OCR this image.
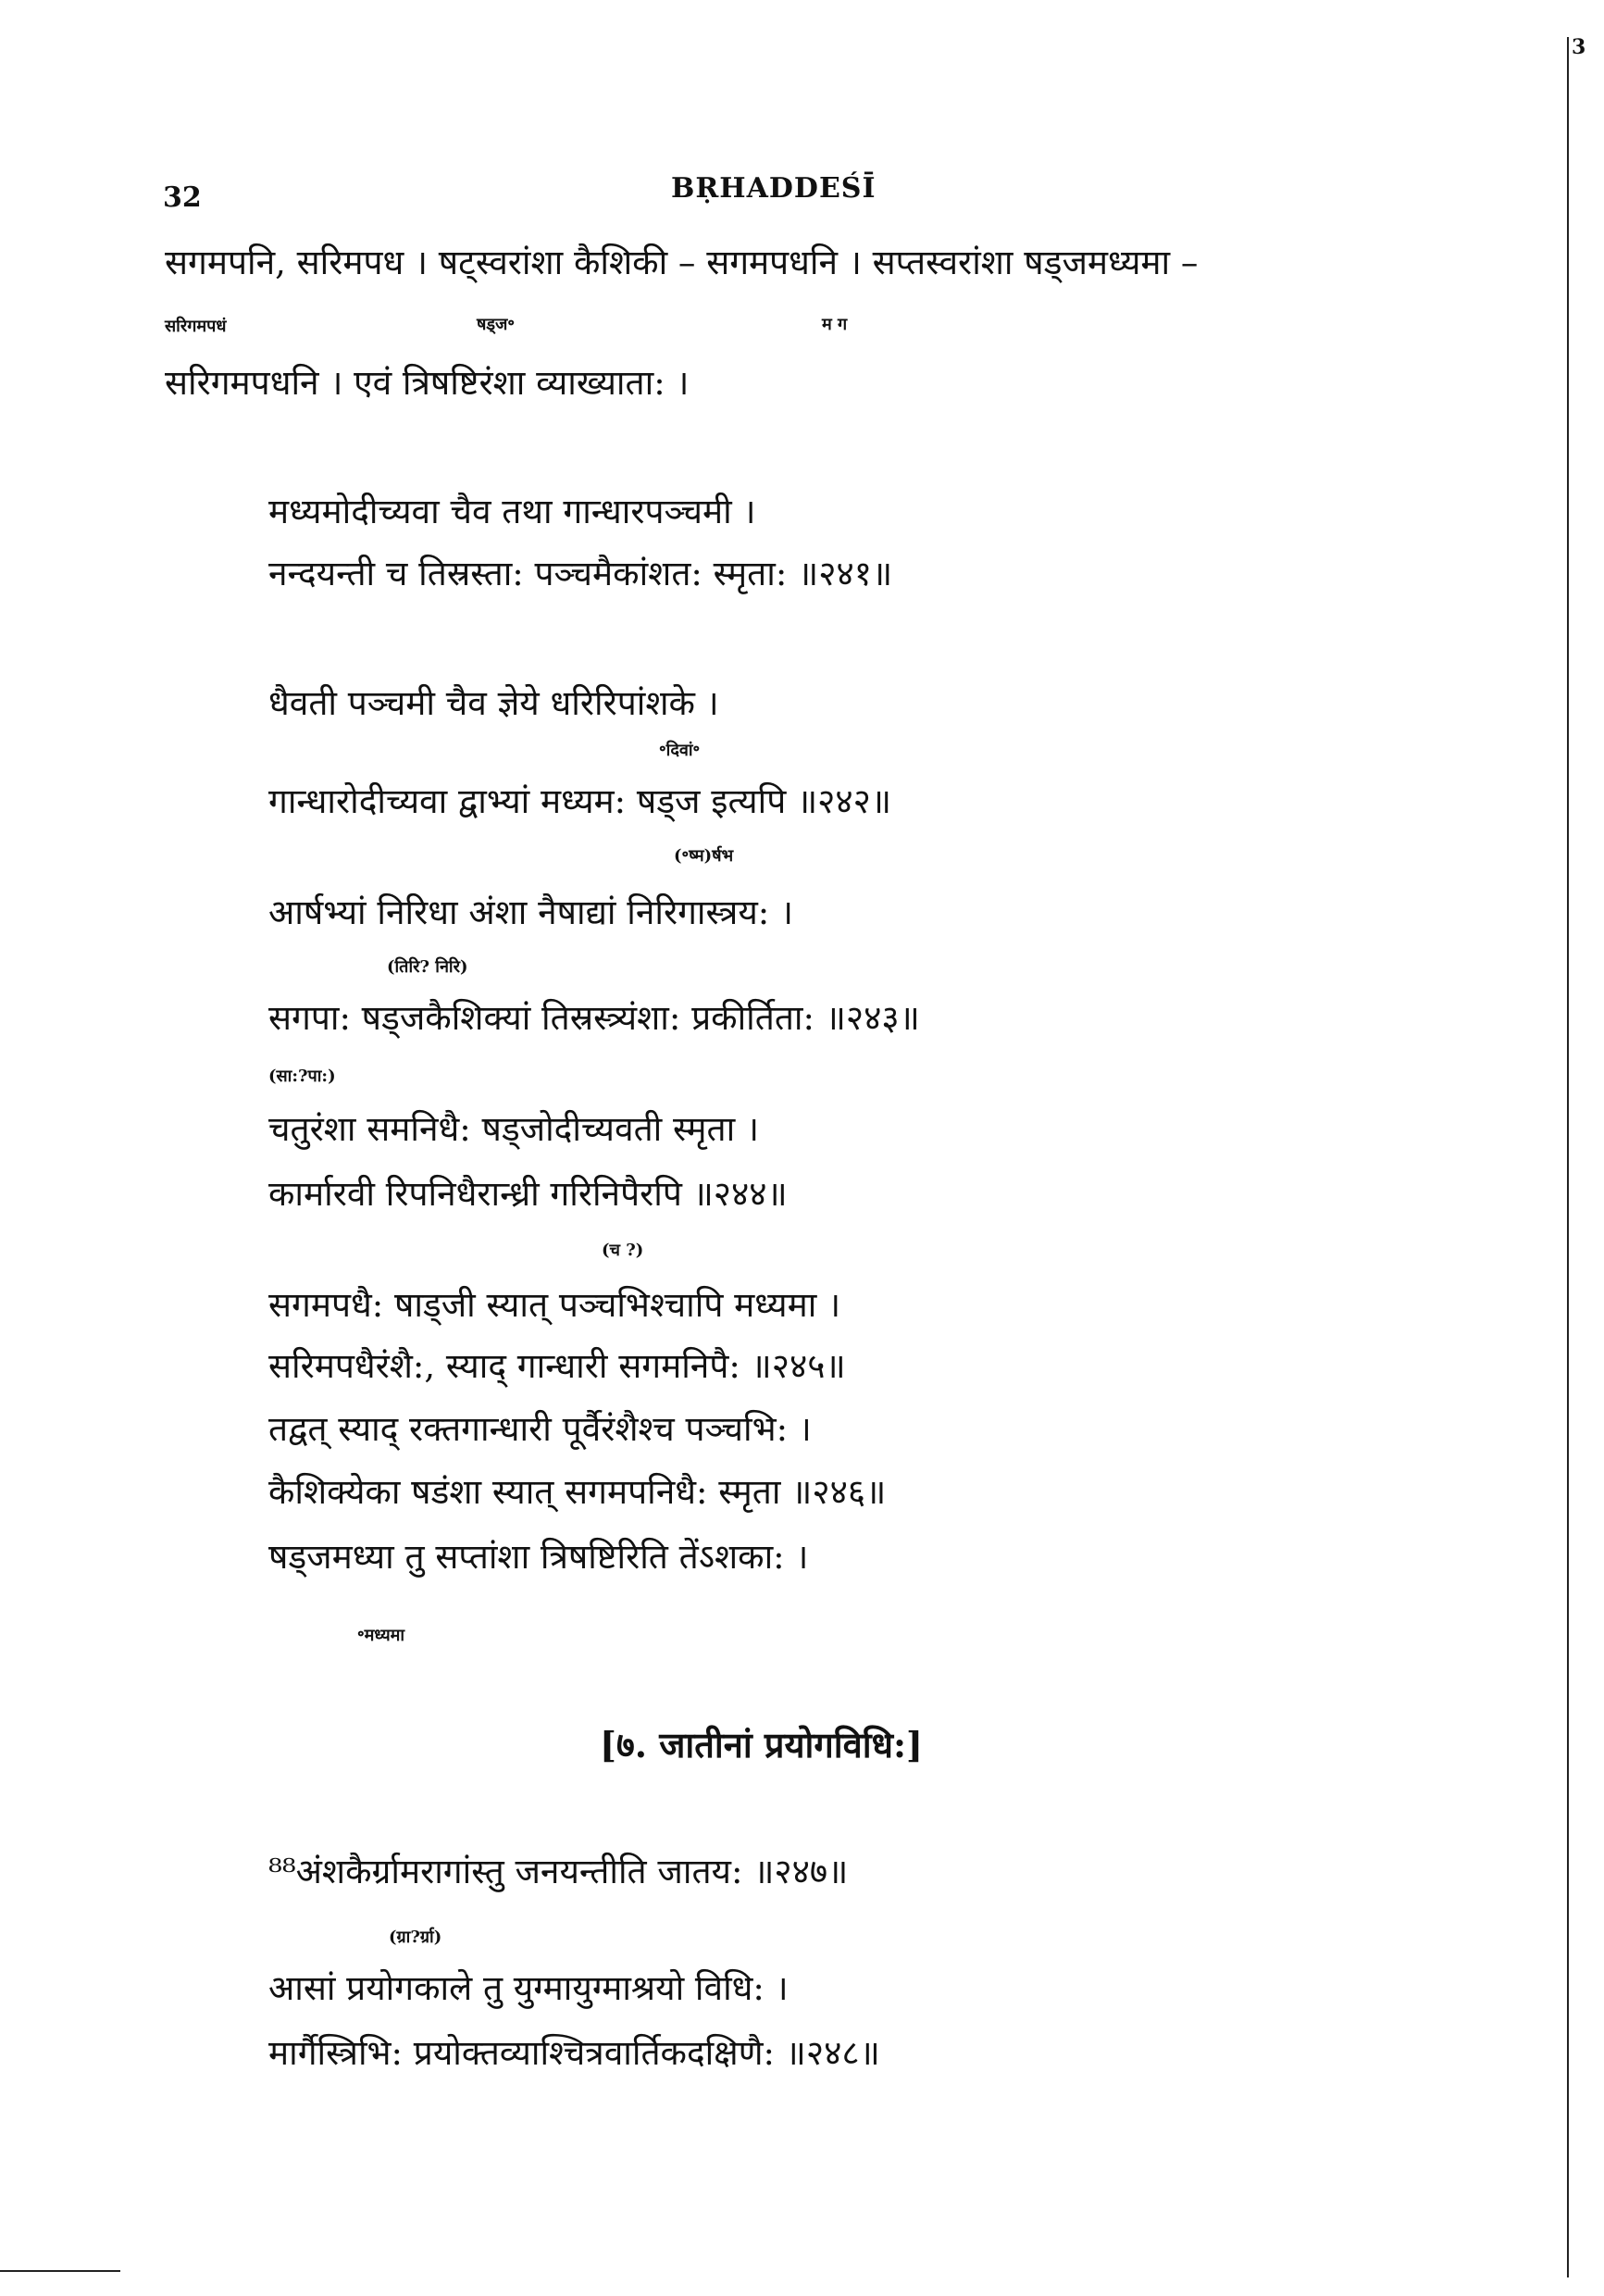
3
32	BṚHADDEŚĪ
सगमपनि, सरिमपध । षट्स्वरांशा कैशिकी – सगमपधनि । सप्तस्वरांशा षड्जमध्यमा –
सरिगमपधं	षड्ज॰	म ग
सरिगमपधनि । एवं त्रिषष्टिरंशा व्याख्याता: ।
मध्यमोदीच्यवा चैव तथा गान्धारपञ्चमी ।
नन्दयन्ती च तिस्रस्ता: पञ्चमैकांशत: स्मृता: ॥२४१॥
धैवती पञ्चमी चैव ज्ञेये धरिरिपांशके ।
॰दिवां॰
गान्धारोदीच्यवा द्वाभ्यां मध्यम: षड्ज इत्यपि ॥२४२॥
(॰ष्म)र्षभ
आर्षभ्यां निरिधा अंशा नैषाद्यां निरिगास्त्रय: ।
(तिरि? निरि)
सगपा: षड्जकैशिक्यां तिस्रस्त्र्यंशा: प्रकीर्तिता: ॥२४३॥
(सा:?पा:)
चतुरंशा समनिधै: षड्जोदीच्यवती स्मृता ।
कार्मारवी रिपनिधैरान्ध्री गरिनिपैरपि ॥२४४॥
(च ?)
सगमपधै: षाड्जी स्यात् पञ्चभिश्चापि मध्यमा ।
सरिमपधैरंशै:, स्याद् गान्धारी सगमनिपै: ॥२४५॥
तद्वत् स्याद् रक्तगान्धारी पूर्वैरंशैश्च पञ्चभि: ।
कैशिक्येका षडंशा स्यात् सगमपनिधै: स्मृता ॥२४६॥
षड्जमध्या तु सप्तांशा त्रिषष्टिरिति तेंऽशका: ।
॰मध्यमा
[७. जातीनां प्रयोगविधि:]
⁸⁸अंशकैर्ग्रामरागांस्तु जनयन्तीति जातय: ॥२४७॥
(ग्रा?र्ग्रा)
आसां प्रयोगकाले तु युग्मायुग्माश्रयो विधि: ।
मार्गैस्त्रिभि: प्रयोक्तव्याश्चित्रवार्तिकदक्षिणै: ॥२४८॥
